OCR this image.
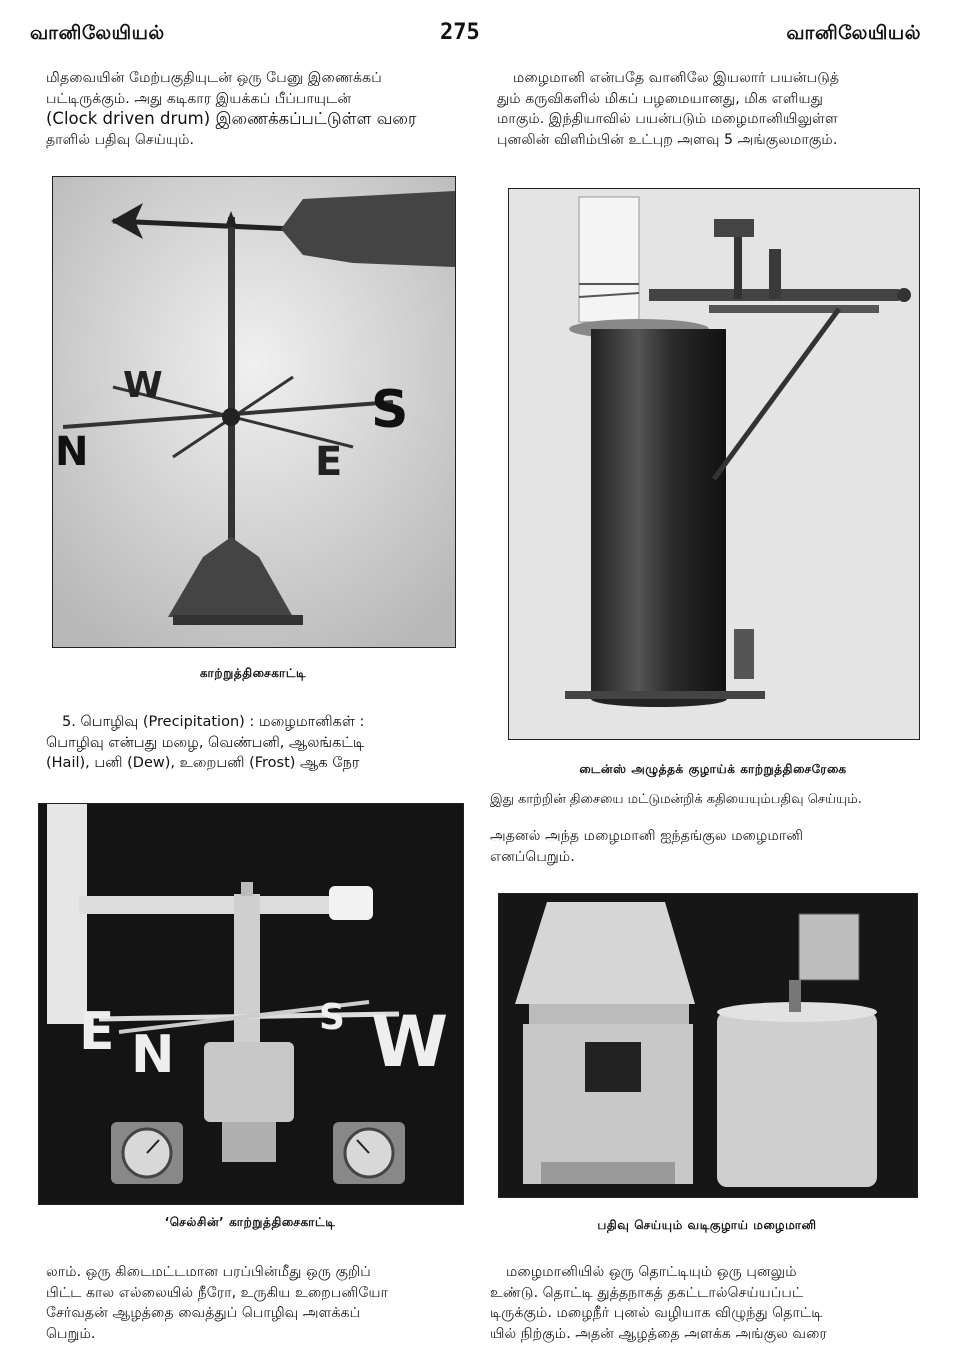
வானிலேயியல்	275	வானிலேயியல்
மிதவையின் மேற்பகுதியுடன் ஒரு பேனு இணைக்கப்
பட்டிருக்கும். அது கடிகார இயக்கப் பீப்பாயுடன்
(Clock driven drum) இணைக்கப்பட்டுள்ள வரை
தாளில் பதிவு செய்யும்.
W	S
E
N
காற்றுத்திசைகாட்டி
5. பொழிவு (Precipitation) : மழைமானிகள் :
பொழிவு என்பது மழை, வெண்பனி, ஆலங்கட்டி
(Hail), பனி (Dew), உறைபனி (Frost) ஆக நேர
E N	W
S
‘செல்சின்’ காற்றுத்திசைகாட்டி
லாம். ஒரு கிடைமட்டமான பரப்பின்மீது ஒரு குறிப்
பிட்ட கால எல்லையில் நீரோ, உருகிய உறைபனியோ
சேர்வதன் ஆழத்தை வைத்துப் பொழிவு அளக்கப்
பெறும்.
மழைமானி என்பதே வானிலே இயலார் பயன்படுத்
தும் கருவிகளில் மிகப் பழமையானது, மிக எளியது
மாகும். இந்தியாவில் பயன்படும் மழைமானியிலுள்ள
புனலின் விளிம்பின் உட்புற அளவு 5 அங்குலமாகும்.
டைன்ஸ் அழுத்தக் குழாய்க் காற்றுத்திசைரேகை
இது காற்றின் திசையை மட்டுமன்றிக் கதியையும்பதிவு செய்யும்.
அதனல் அந்த மழைமானி ஐந்தங்குல மழைமானி
எனப்பெறும்.
பதிவு செய்யும் வடிகுழாய் மழைமானி
மழைமானியில் ஒரு தொட்டியும் ஒரு புனலும்
உண்டு. தொட்டி துத்தநாகத் தகட்டால்செய்யப்பட்
டிருக்கும். மழைநீர் புனல் வழியாக விழுந்து தொட்டி
யில் நிற்கும். அதன் ஆழத்தை அளக்க அங்குல வரை
